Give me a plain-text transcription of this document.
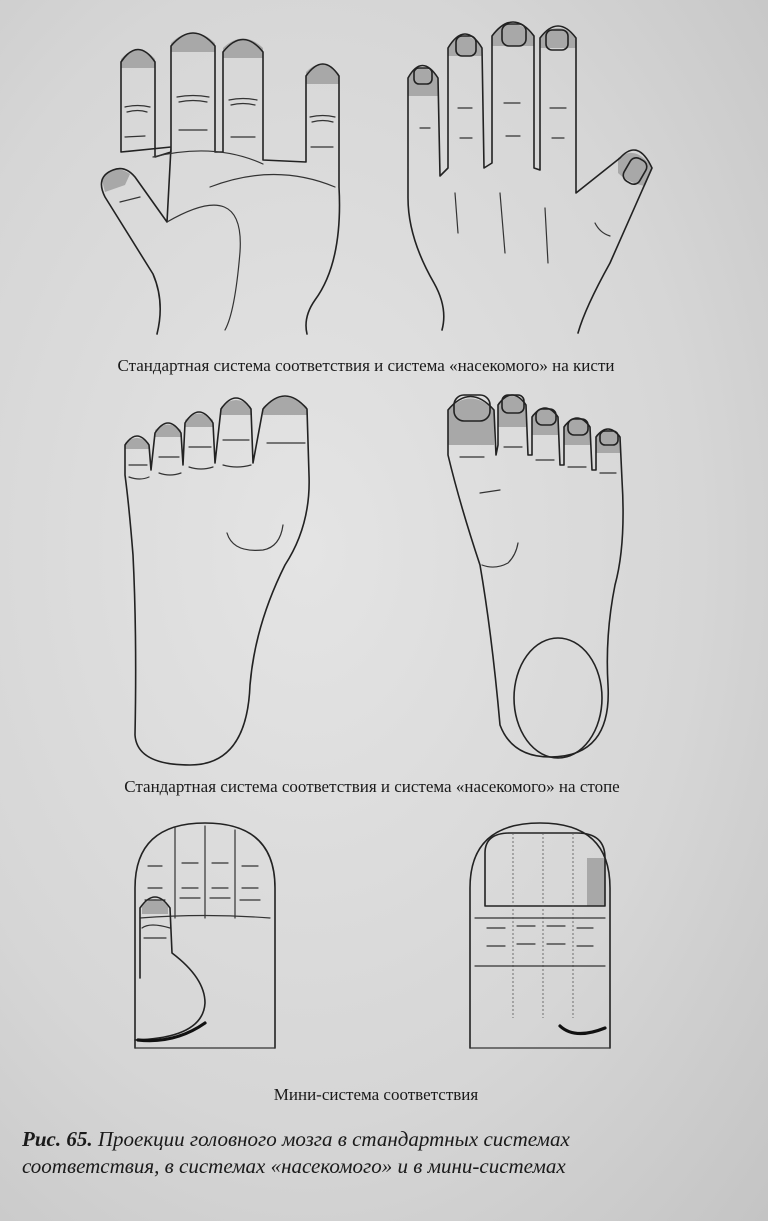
Стандартная система соответствия и система «насекомого» на кисти
Стандартная система соответствия и система «насекомого» на стопе
Мини-система соответствия
Рис. 65. Проекции головного мозга в стандартных системах
соответствия, в системах «насекомого» и в мини-системах
